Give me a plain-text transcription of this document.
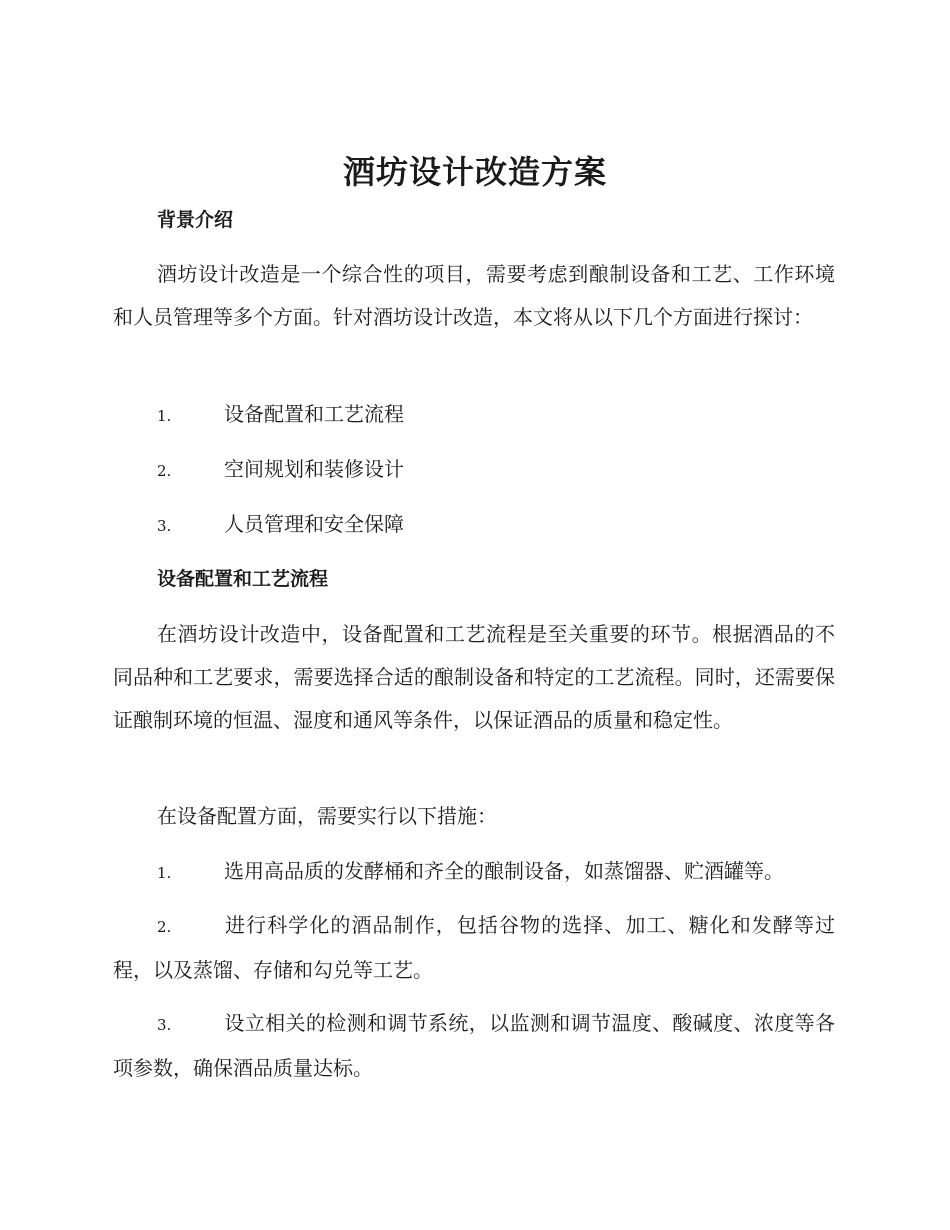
酒坊设计改造方案
背景介绍

酒坊设计改造是一个综合性的项目，需要考虑到酿制设备和工艺、工作环境和人员管理等多个方面。针对酒坊设计改造，本文将从以下几个方面进行探讨：

1.	设备配置和工艺流程

2.	空间规划和装修设计

3.	人员管理和安全保障

设备配置和工艺流程

在酒坊设计改造中，设备配置和工艺流程是至关重要的环节。根据酒品的不同品种和工艺要求，需要选择合适的酿制设备和特定的工艺流程。同时，还需要保证酿制环境的恒温、湿度和通风等条件，以保证酒品的质量和稳定性。

在设备配置方面，需要实行以下措施：

1.	选用高品质的发酵桶和齐全的酿制设备，如蒸馏器、贮酒罐等。

2.	进行科学化的酒品制作，包括谷物的选择、加工、糖化和发酵等过程，以及蒸馏、存储和勾兑等工艺。

3.	设立相关的检测和调节系统，以监测和调节温度、酸碱度、浓度等各项参数，确保酒品质量达标。
